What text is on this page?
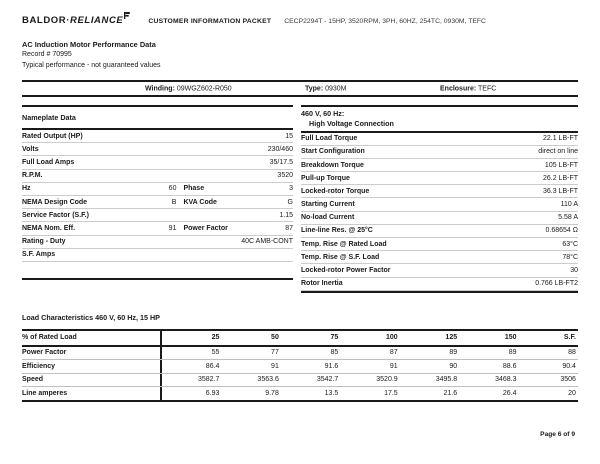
BALDOR · RELIANCE	CUSTOMER INFORMATION PACKET CECP2294T - 15HP, 3520RPM, 3PH, 60HZ, 254TC, 0930M, TEFC
AC Induction Motor Performance Data
Record # 70995
Typical performance - not guaranteed values
Winding: 09WGZ602-R050	Type: 0930M	Enclosure: TEFC
Nameplate Data
Rated Output (HP)	15
Volts	230/460
Full Load Amps	35/17.5
R.P.M.	3520
Hz	60 Phase	3
NEMA Design Code	B KVA Code	G
Service Factor (S.F.)	1.15
NEMA Nom. Eff.	91 Power Factor	87
Rating - Duty	40C AMB-CONT
S.F. Amps
460 V, 60 Hz:
High Voltage Connection
Full Load Torque	22.1 LB-FT
Start Configuration	direct on line
Breakdown Torque	105 LB-FT
Pull-up Torque	26.2 LB-FT
Locked-rotor Torque	36.3 LB-FT
Starting Current	110 A
No-load Current	5.58 A
Line-line Res. @ 25°C	0.68654 Ω
Temp. Rise @ Rated Load	63°C
Temp. Rise @ S.F. Load	78°C
Locked-rotor Power Factor	30
Rotor Inertia	0.766 LB-FT2
Load Characteristics 460 V, 60 Hz, 15 HP
% of Rated Load	25	50	75	100	125	150	S.F.
Power Factor	55	77	85	87	89	89	88
Efficiency	86.4	91	91.6	91	90	88.6	90.4
Speed	3582.7	3563.6	3542.7	3520.9	3495.8	3468.3	3506
Line amperes	6.93	9.78	13.5	17.5	21.6	26.4	20
Page 6 of 9
